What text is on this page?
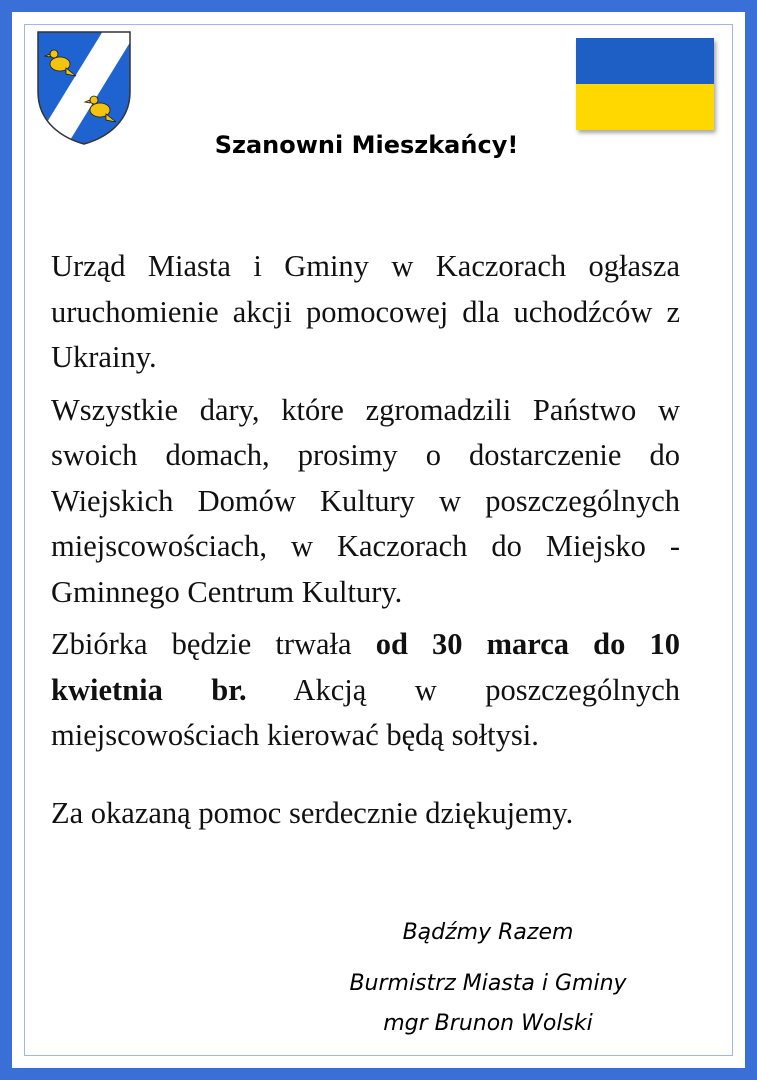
Szanowni Mieszkańcy!

Urząd Miasta i Gminy w Kaczorach ogłasza uruchomienie akcji pomocowej dla uchodźców z Ukrainy.

Wszystkie dary, które zgromadzili Państwo w swoich domach, prosimy o dostarczenie do Wiejskich Domów Kultury w poszczególnych miejscowościach, w Kaczorach do Miejsko - Gminnego Centrum Kultury.

Zbiórka będzie trwała od 30 marca do 10 kwietnia br. Akcją w poszczególnych miejscowościach kierować będą sołtysi.

Za okazaną pomoc serdecznie dziękujemy.

Bądźmy Razem
Burmistrz Miasta i Gminy
mgr Brunon Wolski
